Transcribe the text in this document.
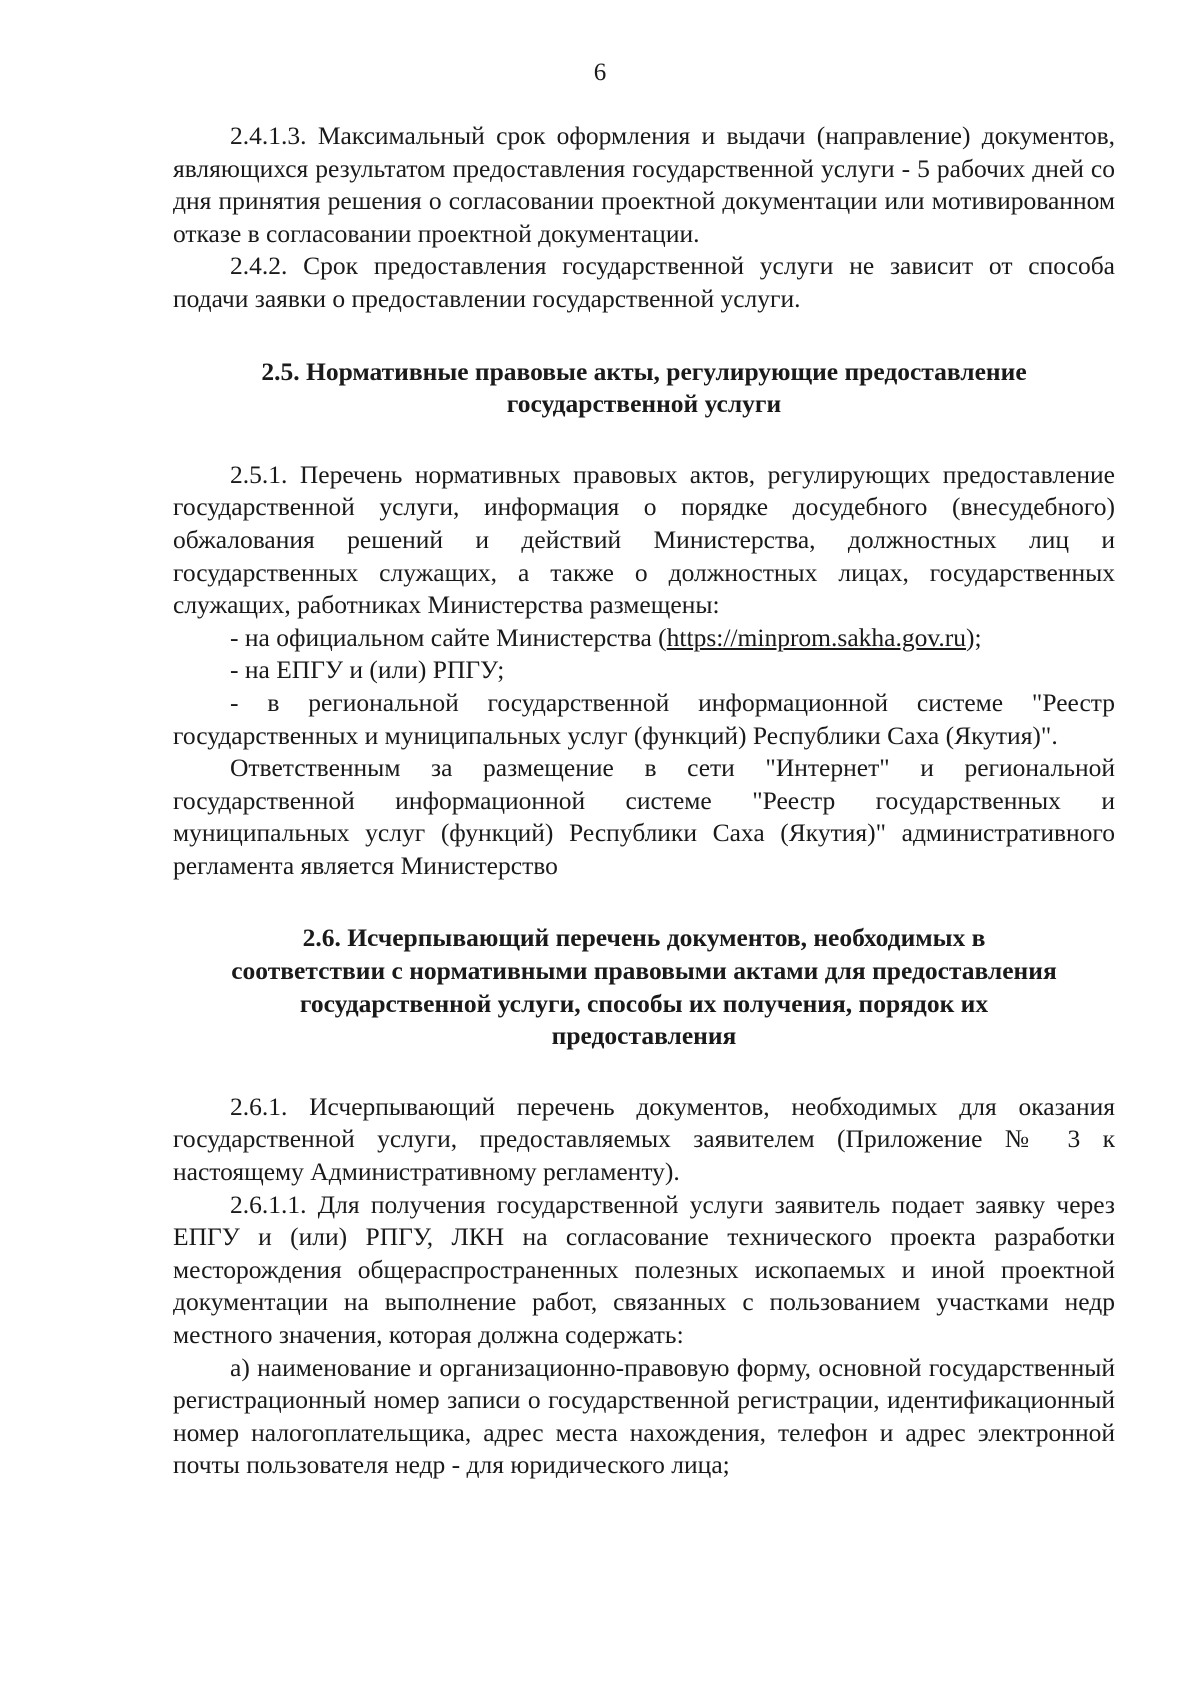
6

2.4.1.3. Максимальный срок оформления и выдачи (направление) документов, являющихся результатом предоставления государственной услуги - 5 рабочих дней со дня принятия решения о согласовании проектной документации или мотивированном отказе в согласовании проектной документации.

2.4.2. Срок предоставления государственной услуги не зависит от способа подачи заявки о предоставлении государственной услуги.

2.5. Нормативные правовые акты, регулирующие предоставление
государственной услуги

2.5.1. Перечень нормативных правовых актов, регулирующих предоставление государственной услуги, информация о порядке досудебного (внесудебного) обжалования решений и действий Министерства, должностных лиц и государственных служащих, а также о должностных лицах, государственных служащих, работниках Министерства размещены:

- на официальном сайте Министерства (https://minprom.sakha.gov.ru);

- на ЕПГУ и (или) РПГУ;

- в региональной государственной информационной системе "Реестр государственных и муниципальных услуг (функций) Республики Саха (Якутия)".

Ответственным за размещение в сети "Интернет" и региональной государственной информационной системе "Реестр государственных и муниципальных услуг (функций) Республики Саха (Якутия)" административного регламента является Министерство

2.6. Исчерпывающий перечень документов, необходимых в
соответствии с нормативными правовыми актами для предоставления
государственной услуги, способы их получения, порядок их
предоставления

2.6.1. Исчерпывающий перечень документов, необходимых для оказания государственной услуги, предоставляемых заявителем (Приложение № 3 к настоящему Административному регламенту).

2.6.1.1. Для получения государственной услуги заявитель подает заявку через ЕПГУ и (или) РПГУ, ЛКН на согласование технического проекта разработки месторождения общераспространенных полезных ископаемых и иной проектной документации на выполнение работ, связанных с пользованием участками недр местного значения, которая должна содержать:

а) наименование и организационно-правовую форму, основной государственный регистрационный номер записи о государственной регистрации, идентификационный номер налогоплательщика, адрес места нахождения, телефон и адрес электронной почты пользователя недр - для юридического лица;
